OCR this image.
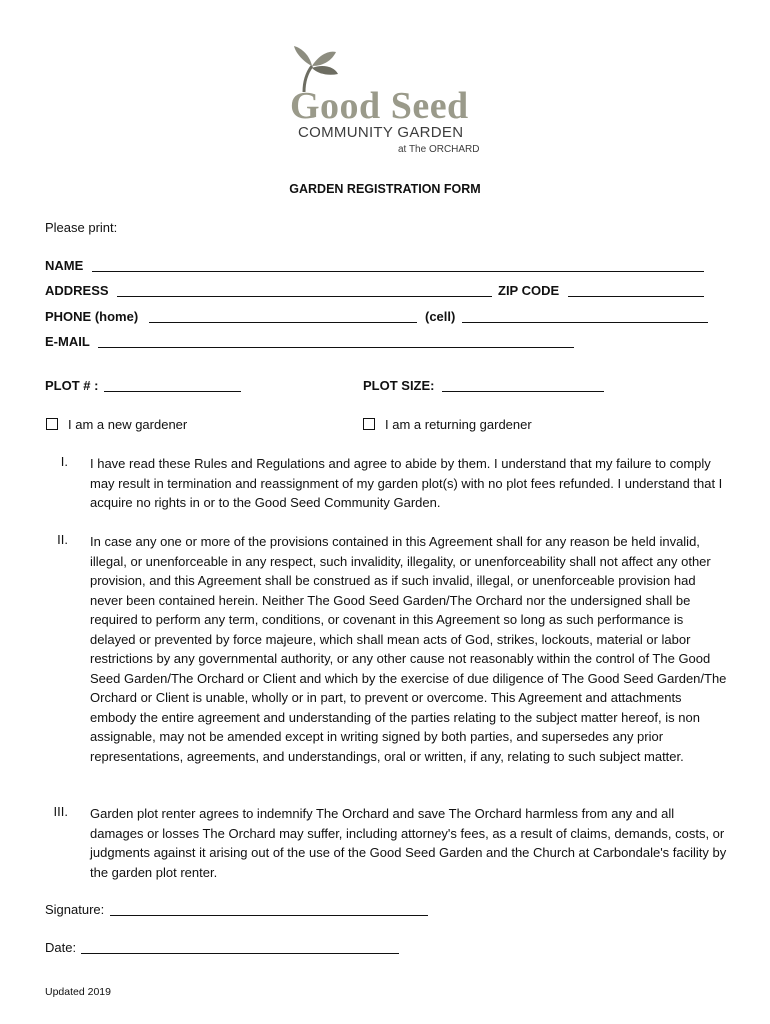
Good Seed
COMMUNITY GARDEN
at The ORCHARD
GARDEN REGISTRATION FORM
Please print:
NAME
ADDRESS	ZIP CODE
PHONE (home)	(cell)
E-MAIL
PLOT # :	PLOT SIZE:
I am a new gardener	I am a returning gardener
I. I have read these Rules and Regulations and agree to abide by them. I understand that my failure to comply may result in termination and reassignment of my garden plot(s) with no plot fees refunded. I understand that I acquire no rights in or to the Good Seed Community Garden.
II. In case any one or more of the provisions contained in this Agreement shall for any reason be held invalid, illegal, or unenforceable in any respect, such invalidity, illegality, or unenforceability shall not affect any other provision, and this Agreement shall be construed as if such invalid, illegal, or unenforceable provision had never been contained herein. Neither The Good Seed Garden/The Orchard nor the undersigned shall be required to perform any term, conditions, or covenant in this Agreement so long as such performance is delayed or prevented by force majeure, which shall mean acts of God, strikes, lockouts, material or labor restrictions by any governmental authority, or any other cause not reasonably within the control of The Good Seed Garden/The Orchard or Client and which by the exercise of due diligence of The Good Seed Garden/The Orchard or Client is unable, wholly or in part, to prevent or overcome. This Agreement and attachments embody the entire agreement and understanding of the parties relating to the subject matter hereof, is non assignable, may not be amended except in writing signed by both parties, and supersedes any prior representations, agreements, and understandings, oral or written, if any, relating to such subject matter.
III. Garden plot renter agrees to indemnify The Orchard and save The Orchard harmless from any and all damages or losses The Orchard may suffer, including attorney's fees, as a result of claims, demands, costs, or judgments against it arising out of the use of the Good Seed Garden and the Church at Carbondale's facility by the garden plot renter.
Signature:
Date:
Updated 2019
